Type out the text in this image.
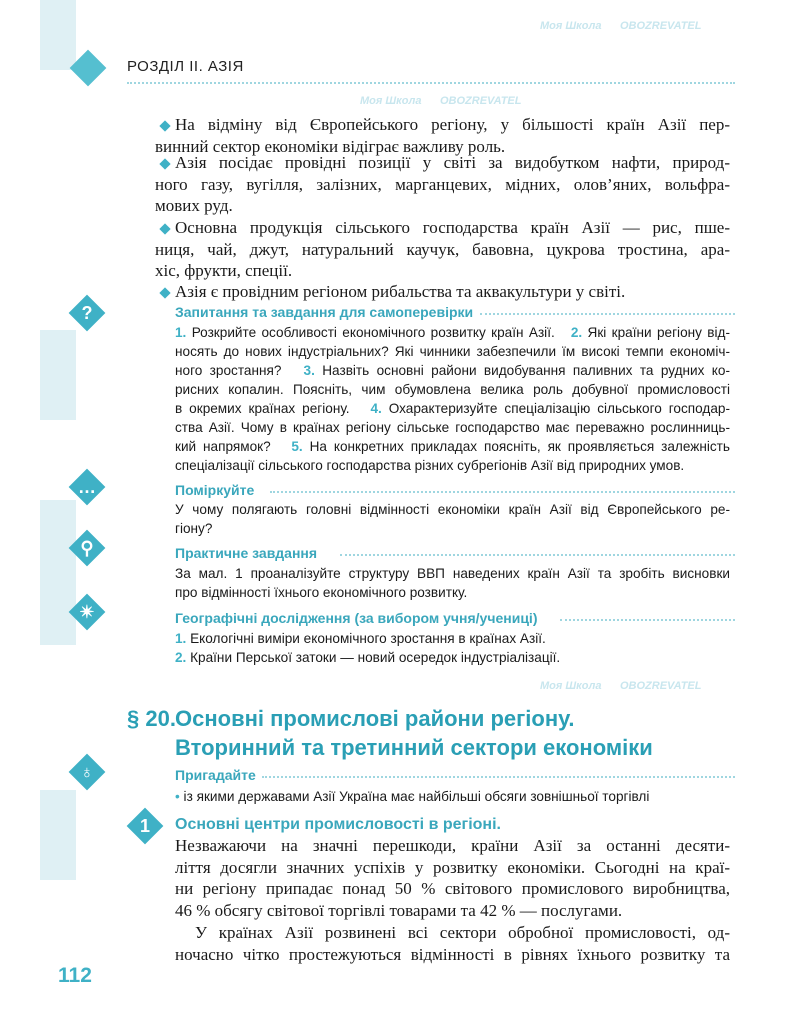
Моя Школа OBOZREVATEL
Моя Школа OBOZREVATEL
Моя Школа OBOZREVATEL
РОЗДІЛ ІІ. АЗІЯ
На відміну від Європейського регіону, у більшості країн Азії пер-
винний сектор економіки відіграє важливу роль.
Азія посідає провідні позиції у світі за видобутком нафти, природ-
ного газу, вугілля, залізних, марганцевих, мідних, олов’яних, вольфра-
мових руд.
Основна продукція сільського господарства країн Азії — рис, пше-
ниця, чай, джут, натуральний каучук, бавовна, цукрова тростина, ара-
хіс, фрукти, спеції.
Азія є провідним регіоном рибальства та аквакультури у світі.
?	Запитання та завдання для самоперевірки
1. Розкрийте особливості економічного розвитку країн Азії.   2. Які країни регіону від-
носять до нових індустріальних? Які чинники забезпечили їм високі темпи економіч-
ного зростання?   3. Назвіть основні райони видобування паливних та рудних ко-
рисних копалин. Поясніть, чим обумовлена велика роль добувної промисловості
в окремих країнах регіону.   4. Охарактеризуйте спеціалізацію сільського господар-
ства Азії. Чому в країнах регіону сільське господарство має переважно рослинниць-
кий напрямок?   5. На конкретних прикладах поясніть, як проявляється залежність
спеціалізації сільського господарства різних субрегіонів Азії від природних умов.
…	Поміркуйте
У чому полягають головні відмінності економіки країн Азії від Європейського ре-
гіону?
⚲	Практичне завдання
За мал. 1 проаналізуйте структуру ВВП наведених країн Азії та зробіть висновки
про відмінності їхнього економічного розвитку.
✴	Географічні дослідження (за вибором учня/учениці)
1. Екологічні виміри економічного зростання в країнах Азії.
2. Країни Перської затоки — новий осередок індустріалізації.
§ 20. Основні промислові райони регіону.
Вторинний та третинний сектори економіки
♁	Пригадайте
• із якими державами Азії Україна має найбільші обсяги зовнішньої торгівлі
1 Основні центри промисловості в регіоні.
Незважаючи на значні перешкоди, країни Азії за останні десяти-
ліття досягли значних успіхів у розвитку економіки. Сьогодні на краї-
ни регіону припадає понад 50 % світового промислового виробництва,
46 % обсягу світової торгівлі товарами та 42 % — послугами.
У країнах Азії розвинені всі сектори обробної промисловості, од-
ночасно чітко простежуються відмінності в рівнях їхнього розвитку та
112
